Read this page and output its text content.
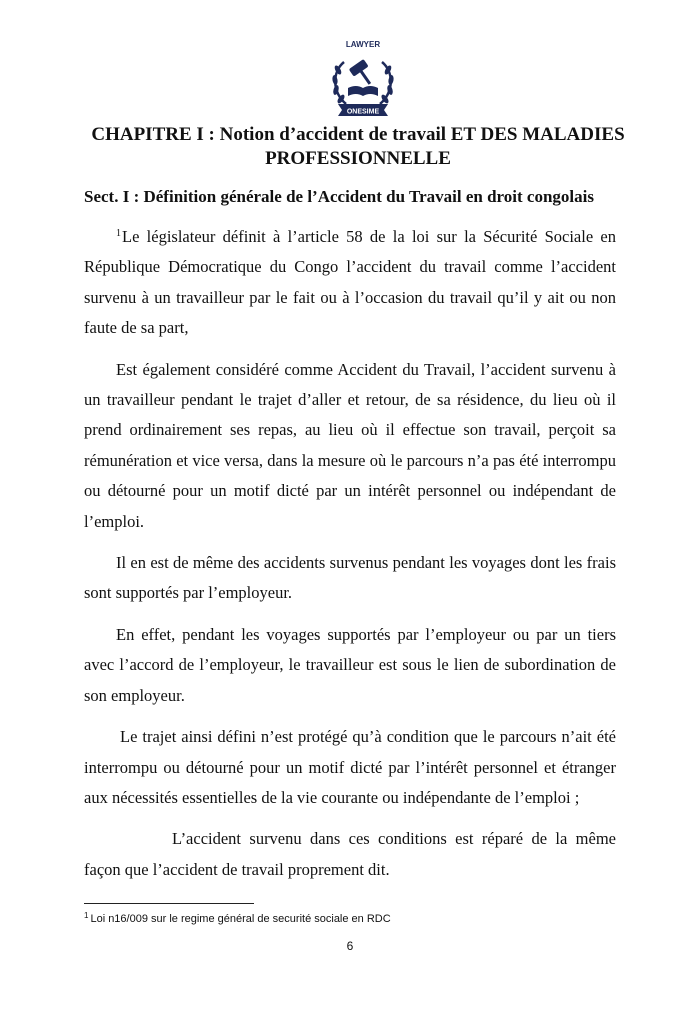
LAWYER
ONESIME
CHAPITRE I : Notion d’accident de travail ET DES MALADIES PROFESSIONNELLE
Sect. I : Définition générale de l’Accident du Travail en droit congolais

$^1$Le législateur définit à l’article 58 de la loi sur la Sécurité Sociale en République Démocratique du Congo l’accident du travail comme l’accident survenu à un travailleur par le fait ou à l’occasion du travail qu’il y ait ou non faute de sa part,

Est également considéré comme Accident du Travail, l’accident survenu à un travailleur pendant le trajet d’aller et retour, de sa résidence, du lieu où il prend ordinairement ses repas, au lieu où il effectue son travail, perçoit sa rémunération et vice versa, dans la mesure où le parcours n’a pas été interrompu ou détourné pour un motif dicté par un intérêt personnel ou indépendant de l’emploi.

Il en est de même des accidents survenus pendant les voyages dont les frais sont supportés par l’employeur.

En effet, pendant les voyages supportés par l’employeur ou par un tiers avec l’accord de l’employeur, le travailleur est sous le lien de subordination de son employeur.

Le trajet ainsi défini n’est protégé qu’à condition que le parcours n’ait été interrompu ou détourné pour un motif dicté par l’intérêt personnel et étranger aux nécessités essentielles de la vie courante ou indépendante de l’emploi ;

L’accident survenu dans ces conditions est réparé de la même façon que l’accident de travail proprement dit.

$^1$ Loi n16/009 sur le regime général de securité sociale en RDC
6
